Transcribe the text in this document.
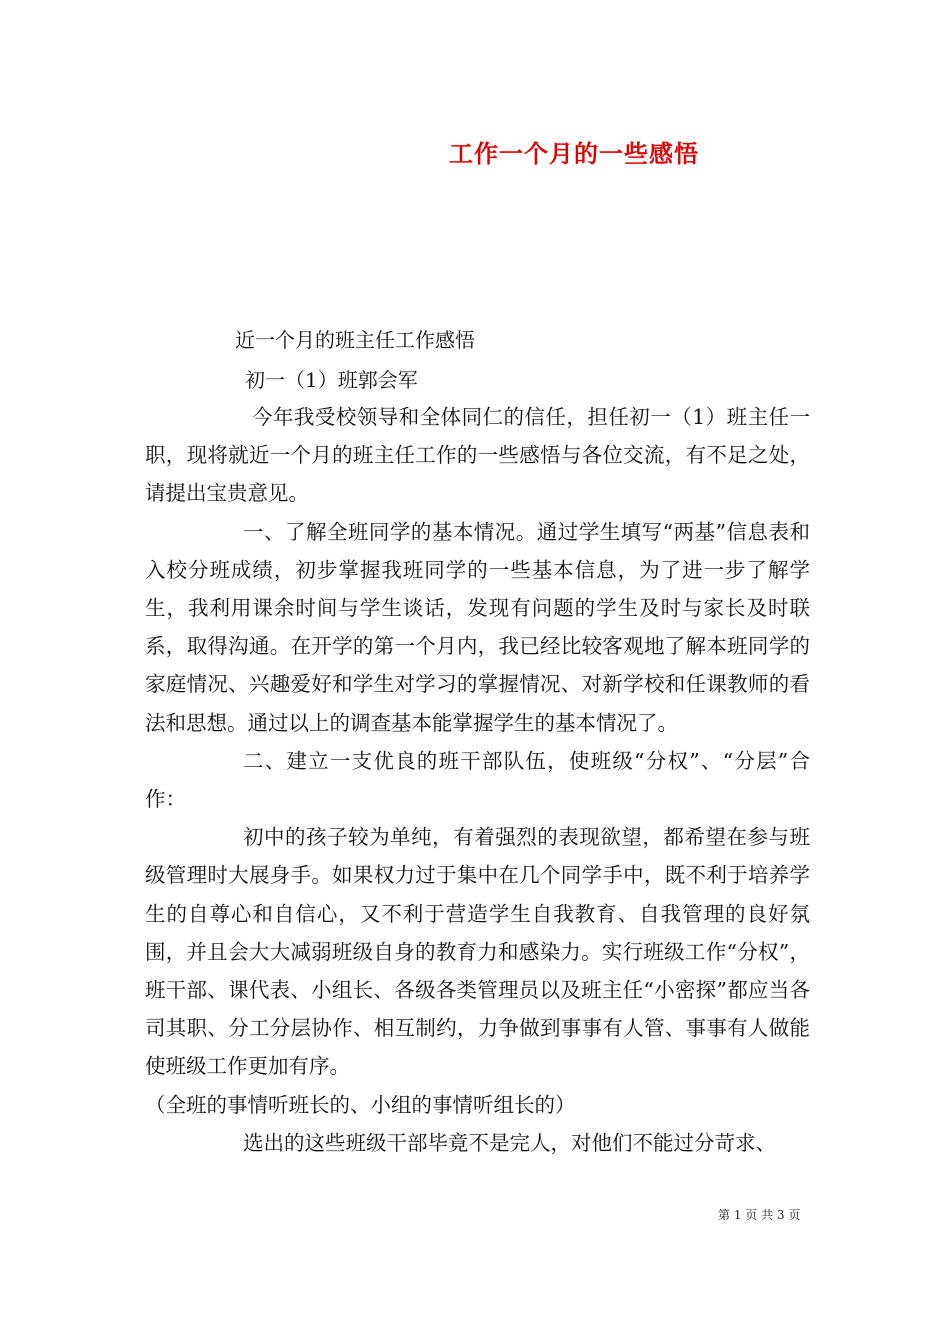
工作一个月的一些感悟
近一个月的班主任工作感悟
初一（1）班郭会军

今年我受校领导和全体同仁的信任，担任初一（1）班主任一职，现将就近一个月的班主任工作的一些感悟与各位交流，有不足之处，请提出宝贵意见。

一、了解全班同学的基本情况。通过学生填写“两基”信息表和入校分班成绩，初步掌握我班同学的一些基本信息，为了进一步了解学生，我利用课余时间与学生谈话，发现有问题的学生及时与家长及时联系，取得沟通。在开学的第一个月内，我已经比较客观地了解本班同学的家庭情况、兴趣爱好和学生对学习的掌握情况、对新学校和任课教师的看法和思想。通过以上的调查基本能掌握学生的基本情况了。

二、建立一支优良的班干部队伍，使班级“分权”、“分层”合作：

初中的孩子较为单纯，有着强烈的表现欲望，都希望在参与班级管理时大展身手。如果权力过于集中在几个同学手中，既不利于培养学生的自尊心和自信心，又不利于营造学生自我教育、自我管理的良好氛围，并且会大大减弱班级自身的教育力和感染力。实行班级工作“分权”，班干部、课代表、小组长、各级各类管理员以及班主任“小密探”都应当各司其职、分工分层协作、相互制约，力争做到事事有人管、事事有人做能使班级工作更加有序。

（全班的事情听班长的、小组的事情听组长的）

选出的这些班级干部毕竟不是完人，对他们不能过分苛求、

第 1 页 共 3 页
